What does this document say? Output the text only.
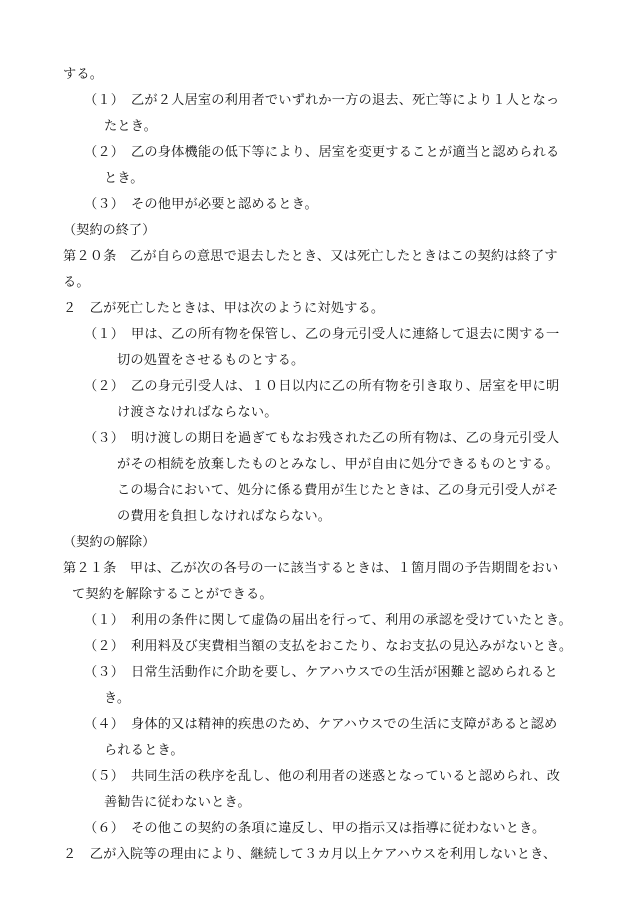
する。
（１）　乙が２人居室の利用者でいずれか一方の退去、死亡等により１人となっ
たとき。
（２）　乙の身体機能の低下等により、居室を変更することが適当と認められる
とき。
（３）　その他甲が必要と認めるとき。
（契約の終了）
第２０条　乙が自らの意思で退去したとき、又は死亡したときはこの契約は終了す
る。
２　乙が死亡したときは、甲は次のように対処する。
（１）　甲は、乙の所有物を保管し、乙の身元引受人に連絡して退去に関する一
切の処置をさせるものとする。
（２）　乙の身元引受人は、１０日以内に乙の所有物を引き取り、居室を甲に明
け渡さなければならない。
（３）　明け渡しの期日を過ぎてもなお残された乙の所有物は、乙の身元引受人
がその相続を放棄したものとみなし、甲が自由に処分できるものとする。
この場合において、処分に係る費用が生じたときは、乙の身元引受人がそ
の費用を負担しなければならない。
（契約の解除）
第２１条　甲は、乙が次の各号の一に該当するときは、１箇月間の予告期間をおい
て契約を解除することができる。
（１）　利用の条件に関して虚偽の届出を行って、利用の承認を受けていたとき。
（２）　利用料及び実費相当額の支払をおこたり、なお支払の見込みがないとき。
（３）　日常生活動作に介助を要し、ケアハウスでの生活が困難と認められると
き。
（４）　身体的又は精神的疾患のため、ケアハウスでの生活に支障があると認め
られるとき。
（５）　共同生活の秩序を乱し、他の利用者の迷惑となっていると認められ、改
善勧告に従わないとき。
（６）　その他この契約の条項に違反し、甲の指示又は指導に従わないとき。
２　乙が入院等の理由により、継続して３カ月以上ケアハウスを利用しないとき、
